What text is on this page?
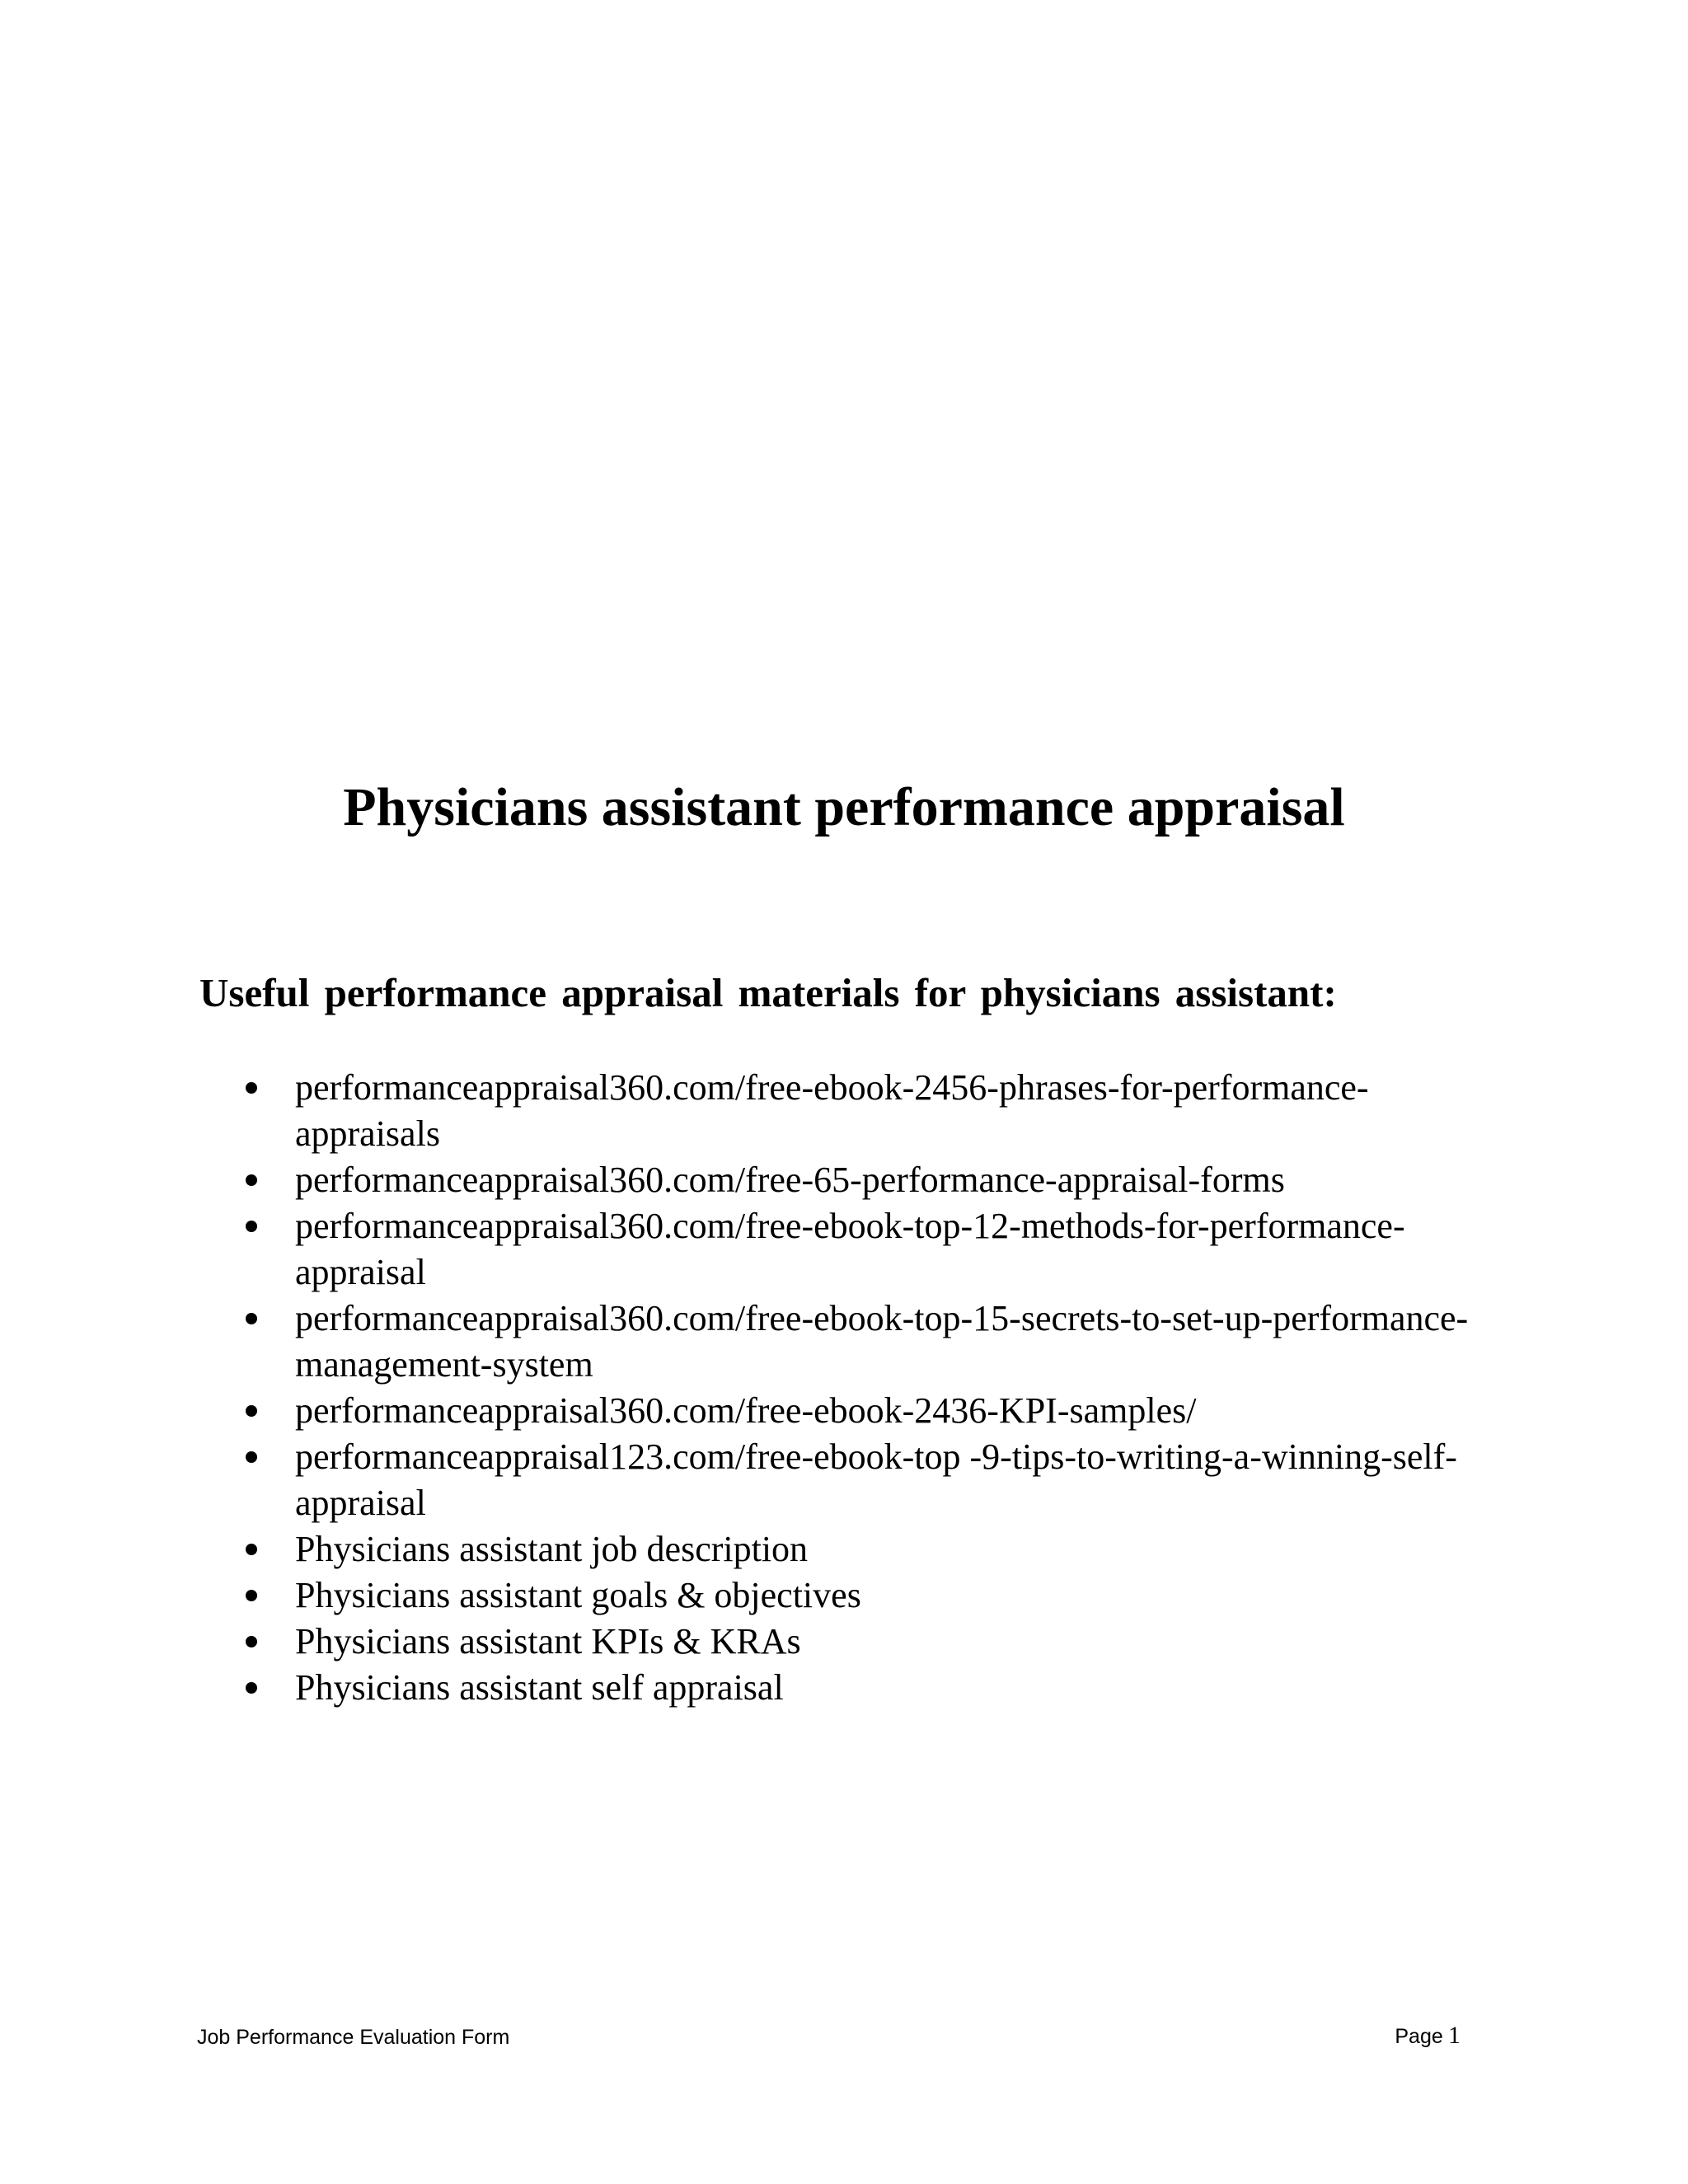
Physicians assistant performance appraisal
Useful performance appraisal materials for physicians assistant:
performanceappraisal360.com/free-ebook-2456-phrases-for-performance-appraisals
performanceappraisal360.com/free-65-performance-appraisal-forms
performanceappraisal360.com/free-ebook-top-12-methods-for-performance-appraisal
performanceappraisal360.com/free-ebook-top-15-secrets-to-set-up-performance-management-system
performanceappraisal360.com/free-ebook-2436-KPI-samples/
performanceappraisal123.com/free-ebook-top -9-tips-to-writing-a-winning-self-appraisal
Physicians assistant job description
Physicians assistant goals & objectives
Physicians assistant KPIs & KRAs
Physicians assistant self appraisal
Job Performance Evaluation Form	Page 1
